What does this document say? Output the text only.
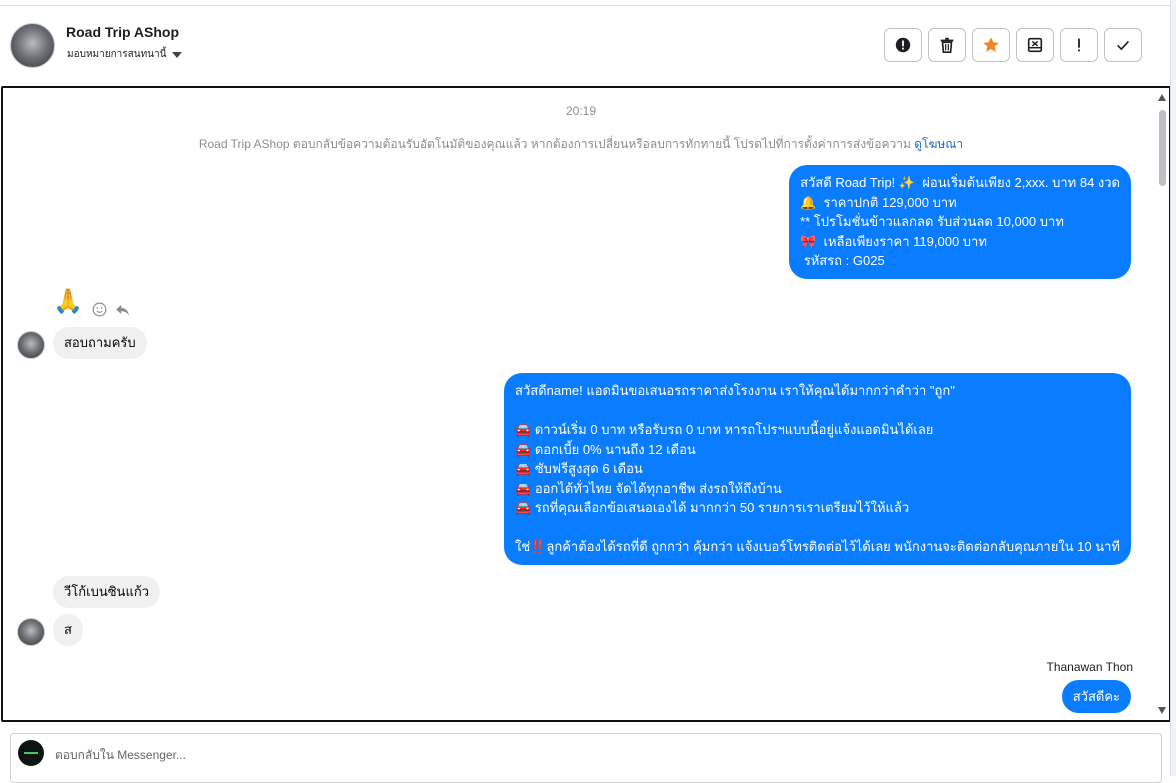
Road Trip AShop
มอบหมายการสนทนานี้
20:19
Road Trip AShop ตอบกลับข้อความต้อนรับอัตโนมัติของคุณแล้ว หากต้องการเปลี่ยนหรือลบการทักทายนี้ โปรดไปที่การตั้งค่าการส่งข้อความ ดูโฆษณา
สวัสดี Road Trip! ✨  ผ่อนเริ่มต้นเพียง 2,xxx. บาท 84 งวด
🔔  ราคาปกติ 129,000 บาท
** โปรโมชั่นข้าวแลกลด รับส่วนลด 10,000 บาท
🎀  เหลือเพียงราคา 119,000 บาท
รหัสรถ : G025
🙏
สอบถามครับ
สวัสดีname! แอดมินขอเสนอรถราคาส่งโรงงาน เราให้คุณได้มากกว่าคำว่า "ถูก"

🚘 ดาวน์เริ่ม 0 บาท หรือรับรถ 0 บาท หารถโปรฯแบบนี้อยู่แจ้งแอดมินได้เลย
🚘 ดอกเบี้ย 0% นานถึง 12 เดือน
🚘 ซับฟรีสูงสุด 6 เดือน
🚘 ออกได้ทั่วไทย จัดได้ทุกอาชีพ ส่งรถให้ถึงบ้าน
🚘 รถที่คุณเลือกข้อเสนอเองได้ มากกว่า 50 รายการเราเตรียมไว้ให้แล้ว

ใช่‼️ลูกค้าต้องได้รถที่ดี ถูกกว่า คุ้มกว่า แจ้งเบอร์โทรติดต่อไว้ได้เลย พนักงานจะติดต่อกลับคุณภายใน 10 นาที
วีโก้เบนซินแก้ว
ส
Thanawan Thon
สวัสดีคะ
ตอบกลับใน Messenger...
